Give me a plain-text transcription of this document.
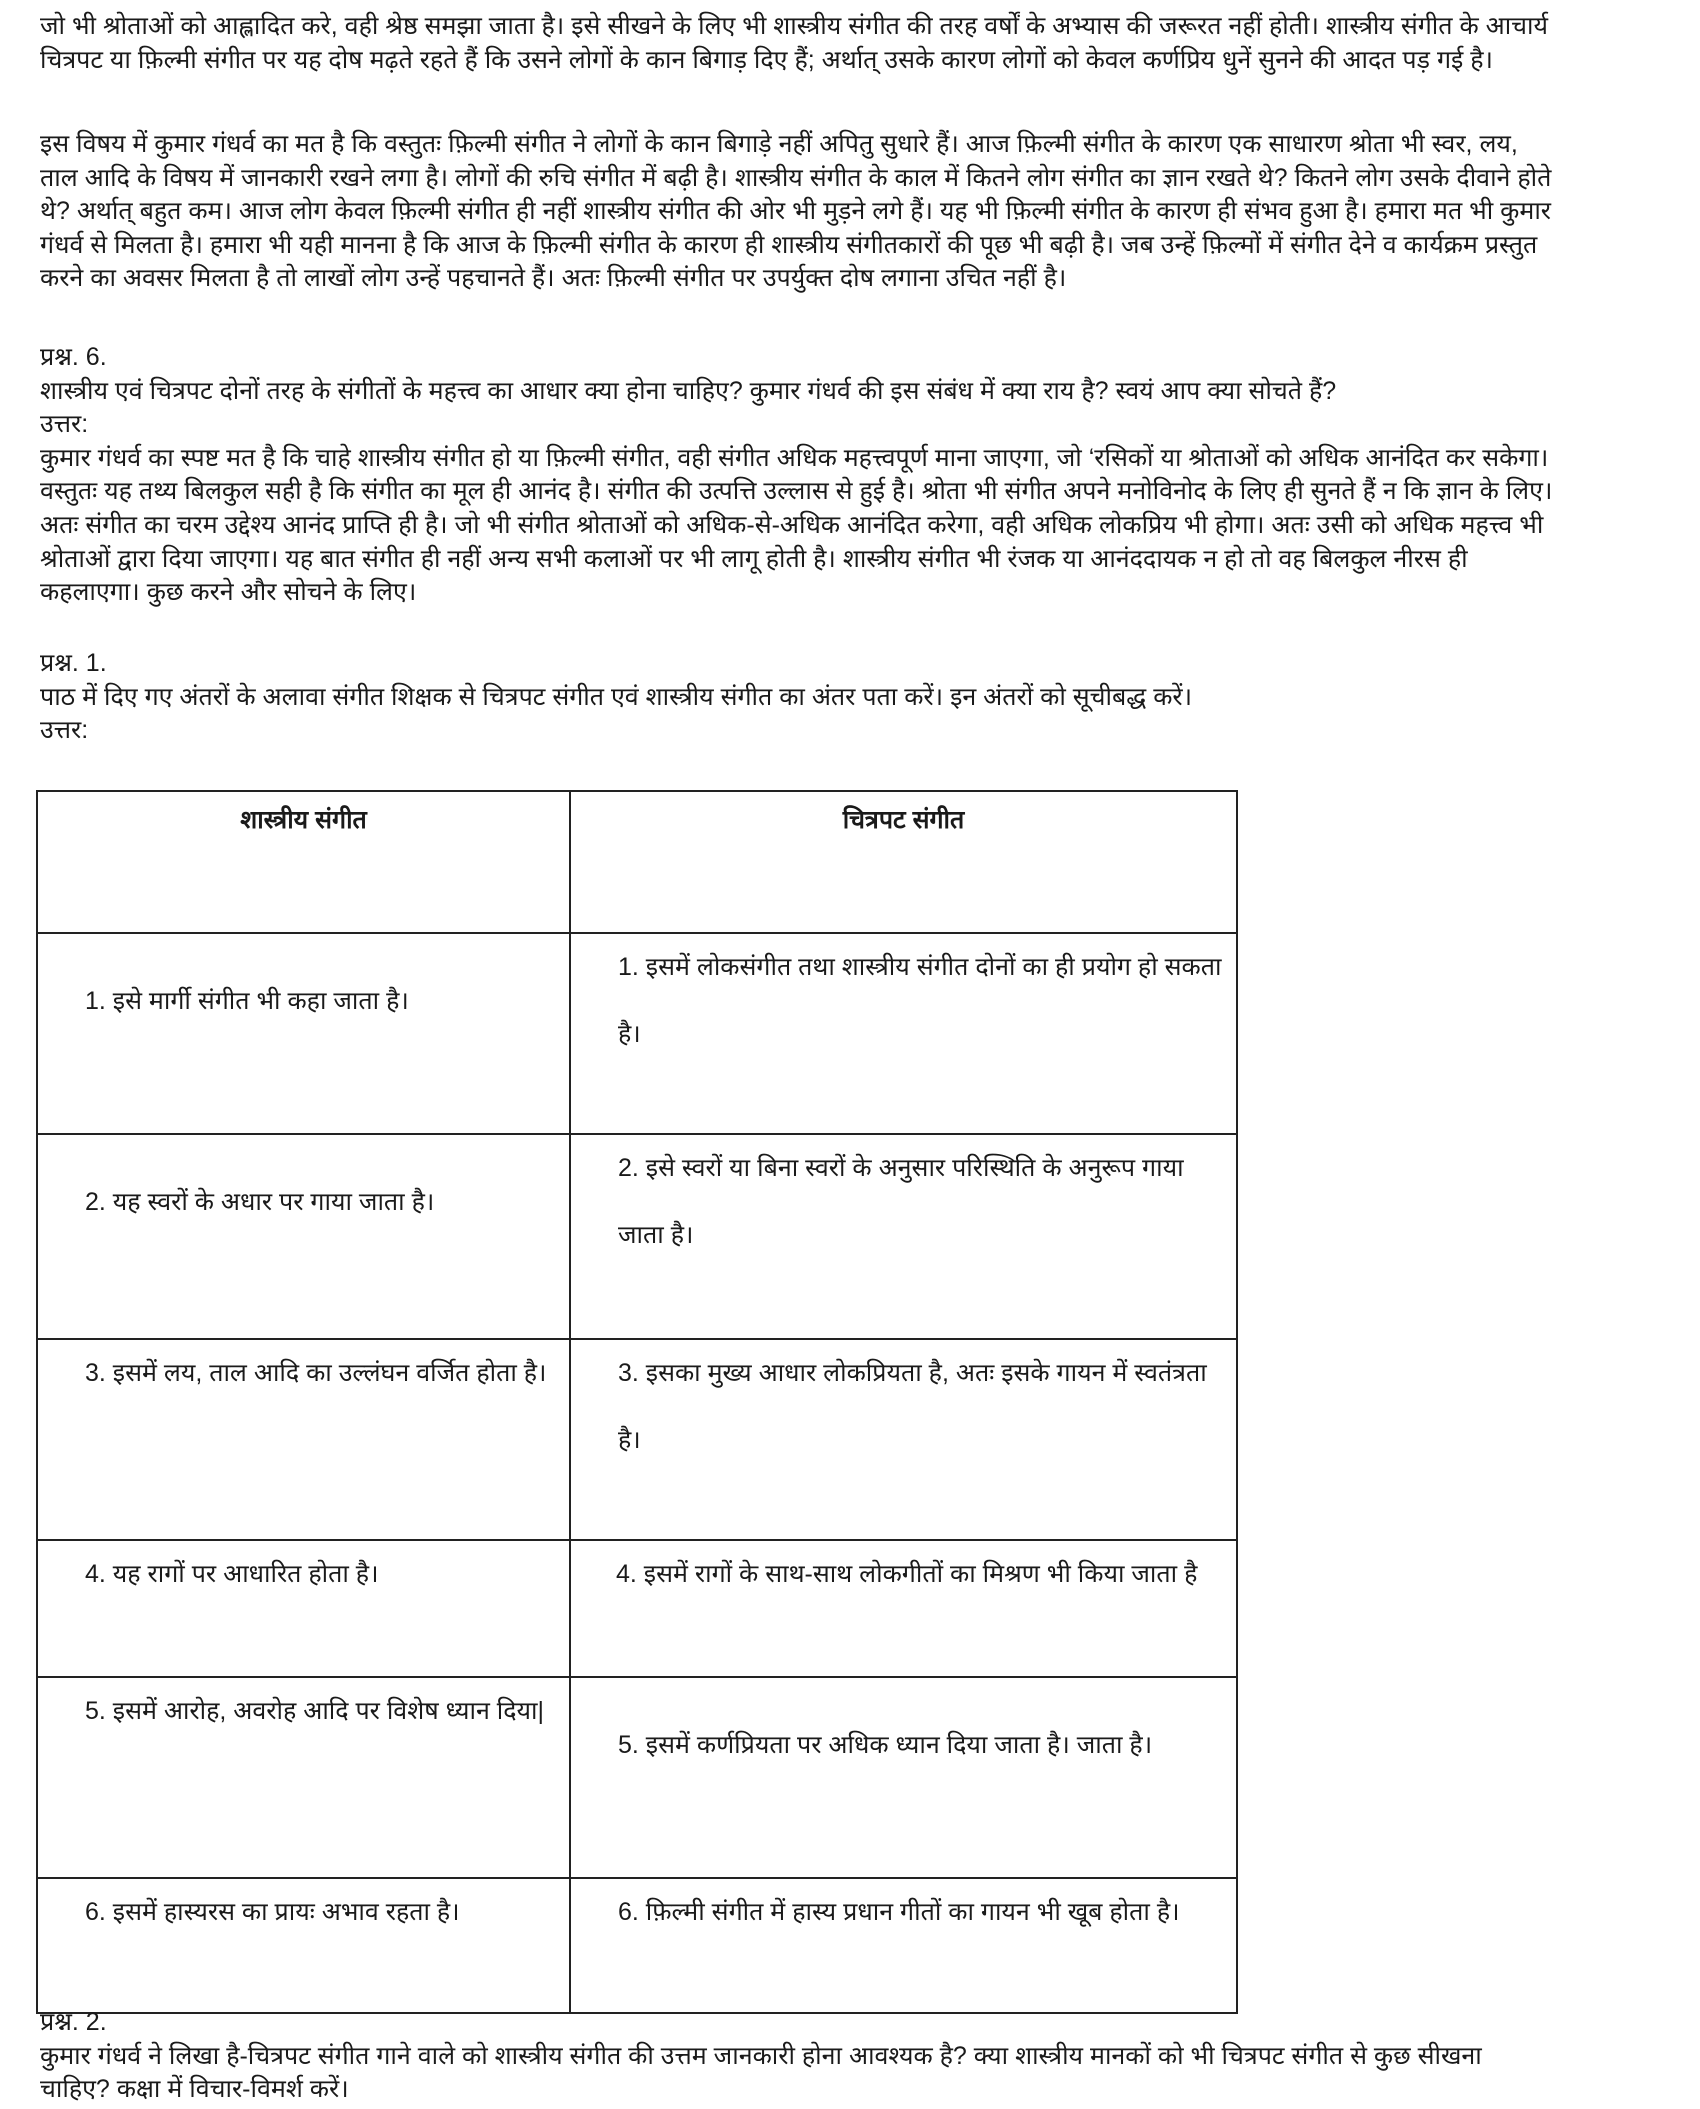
जो भी श्रोताओं को आह्लादित करे, वही श्रेष्ठ समझा जाता है। इसे सीखने के लिए भी शास्त्रीय संगीत की तरह वर्षों के अभ्यास की जरूरत नहीं होती। शास्त्रीय संगीत के आचार्य
चित्रपट या फ़िल्मी संगीत पर यह दोष मढ़ते रहते हैं कि उसने लोगों के कान बिगाड़ दिए हैं; अर्थात् उसके कारण लोगों को केवल कर्णप्रिय धुनें सुनने की आदत पड़ गई है।
इस विषय में कुमार गंधर्व का मत है कि वस्तुतः फ़िल्मी संगीत ने लोगों के कान बिगाड़े नहीं अपितु सुधारे हैं। आज फ़िल्मी संगीत के कारण एक साधारण श्रोता भी स्वर, लय,
ताल आदि के विषय में जानकारी रखने लगा है। लोगों की रुचि संगीत में बढ़ी है। शास्त्रीय संगीत के काल में कितने लोग संगीत का ज्ञान रखते थे? कितने लोग उसके दीवाने होते
थे? अर्थात् बहुत कम। आज लोग केवल फ़िल्मी संगीत ही नहीं शास्त्रीय संगीत की ओर भी मुड़ने लगे हैं। यह भी फ़िल्मी संगीत के कारण ही संभव हुआ है। हमारा मत भी कुमार
गंधर्व से मिलता है। हमारा भी यही मानना है कि आज के फ़िल्मी संगीत के कारण ही शास्त्रीय संगीतकारों की पूछ भी बढ़ी है। जब उन्हें फ़िल्मों में संगीत देने व कार्यक्रम प्रस्तुत
करने का अवसर मिलता है तो लाखों लोग उन्हें पहचानते हैं। अतः फ़िल्मी संगीत पर उपर्युक्त दोष लगाना उचित नहीं है।
प्रश्न. 6.
शास्त्रीय एवं चित्रपट दोनों तरह के संगीतों के महत्त्व का आधार क्या होना चाहिए? कुमार गंधर्व की इस संबंध में क्या राय है? स्वयं आप क्या सोचते हैं?
उत्तर:
कुमार गंधर्व का स्पष्ट मत है कि चाहे शास्त्रीय संगीत हो या फ़िल्मी संगीत, वही संगीत अधिक महत्त्वपूर्ण माना जाएगा, जो ‘रसिकों या श्रोताओं को अधिक आनंदित कर सकेगा।
वस्तुतः यह तथ्य बिलकुल सही है कि संगीत का मूल ही आनंद है। संगीत की उत्पत्ति उल्लास से हुई है। श्रोता भी संगीत अपने मनोविनोद के लिए ही सुनते हैं न कि ज्ञान के लिए।
अतः संगीत का चरम उद्देश्य आनंद प्राप्ति ही है। जो भी संगीत श्रोताओं को अधिक-से-अधिक आनंदित करेगा, वही अधिक लोकप्रिय भी होगा। अतः उसी को अधिक महत्त्व भी
श्रोताओं द्वारा दिया जाएगा। यह बात संगीत ही नहीं अन्य सभी कलाओं पर भी लागू होती है। शास्त्रीय संगीत भी रंजक या आनंददायक न हो तो वह बिलकुल नीरस ही
कहलाएगा। कुछ करने और सोचने के लिए।
प्रश्न. 1.
पाठ में दिए गए अंतरों के अलावा संगीत शिक्षक से चित्रपट संगीत एवं शास्त्रीय संगीत का अंतर पता करें। इन अंतरों को सूचीबद्ध करें।
उत्तर:
शास्त्रीय संगीत	चित्रपट संगीत

1. इसे मार्गी संगीत भी कहा जाता है।	1. इसमें लोकसंगीत तथा शास्त्रीय संगीत दोनों का ही प्रयोग हो सकता है।

2. यह स्वरों के अधार पर गाया जाता है।	2. इसे स्वरों या बिना स्वरों के अनुसार परिस्थिति के अनुरूप गाया जाता है।

3. इसमें लय, ताल आदि का उल्लंघन वर्जित होता है।	3. इसका मुख्य आधार लोकप्रियता है, अतः इसके गायन में स्वतंत्रता है।

4. यह रागों पर आधारित होता है।	4. इसमें रागों के साथ-साथ लोकगीतों का मिश्रण भी किया जाता है

5. इसमें आरोह, अवरोह आदि पर विशेष ध्यान दिया|	5. इसमें कर्णप्रियता पर अधिक ध्यान दिया जाता है। जाता है।

6. इसमें हास्यरस का प्रायः अभाव रहता है।	6. फ़िल्मी संगीत में हास्य प्रधान गीतों का गायन भी खूब होता है।
प्रश्न. 2.
कुमार गंधर्व ने लिखा है-चित्रपट संगीत गाने वाले को शास्त्रीय संगीत की उत्तम जानकारी होना आवश्यक है? क्या शास्त्रीय मानकों को भी चित्रपट संगीत से कुछ सीखना
चाहिए? कक्षा में विचार-विमर्श करें।
